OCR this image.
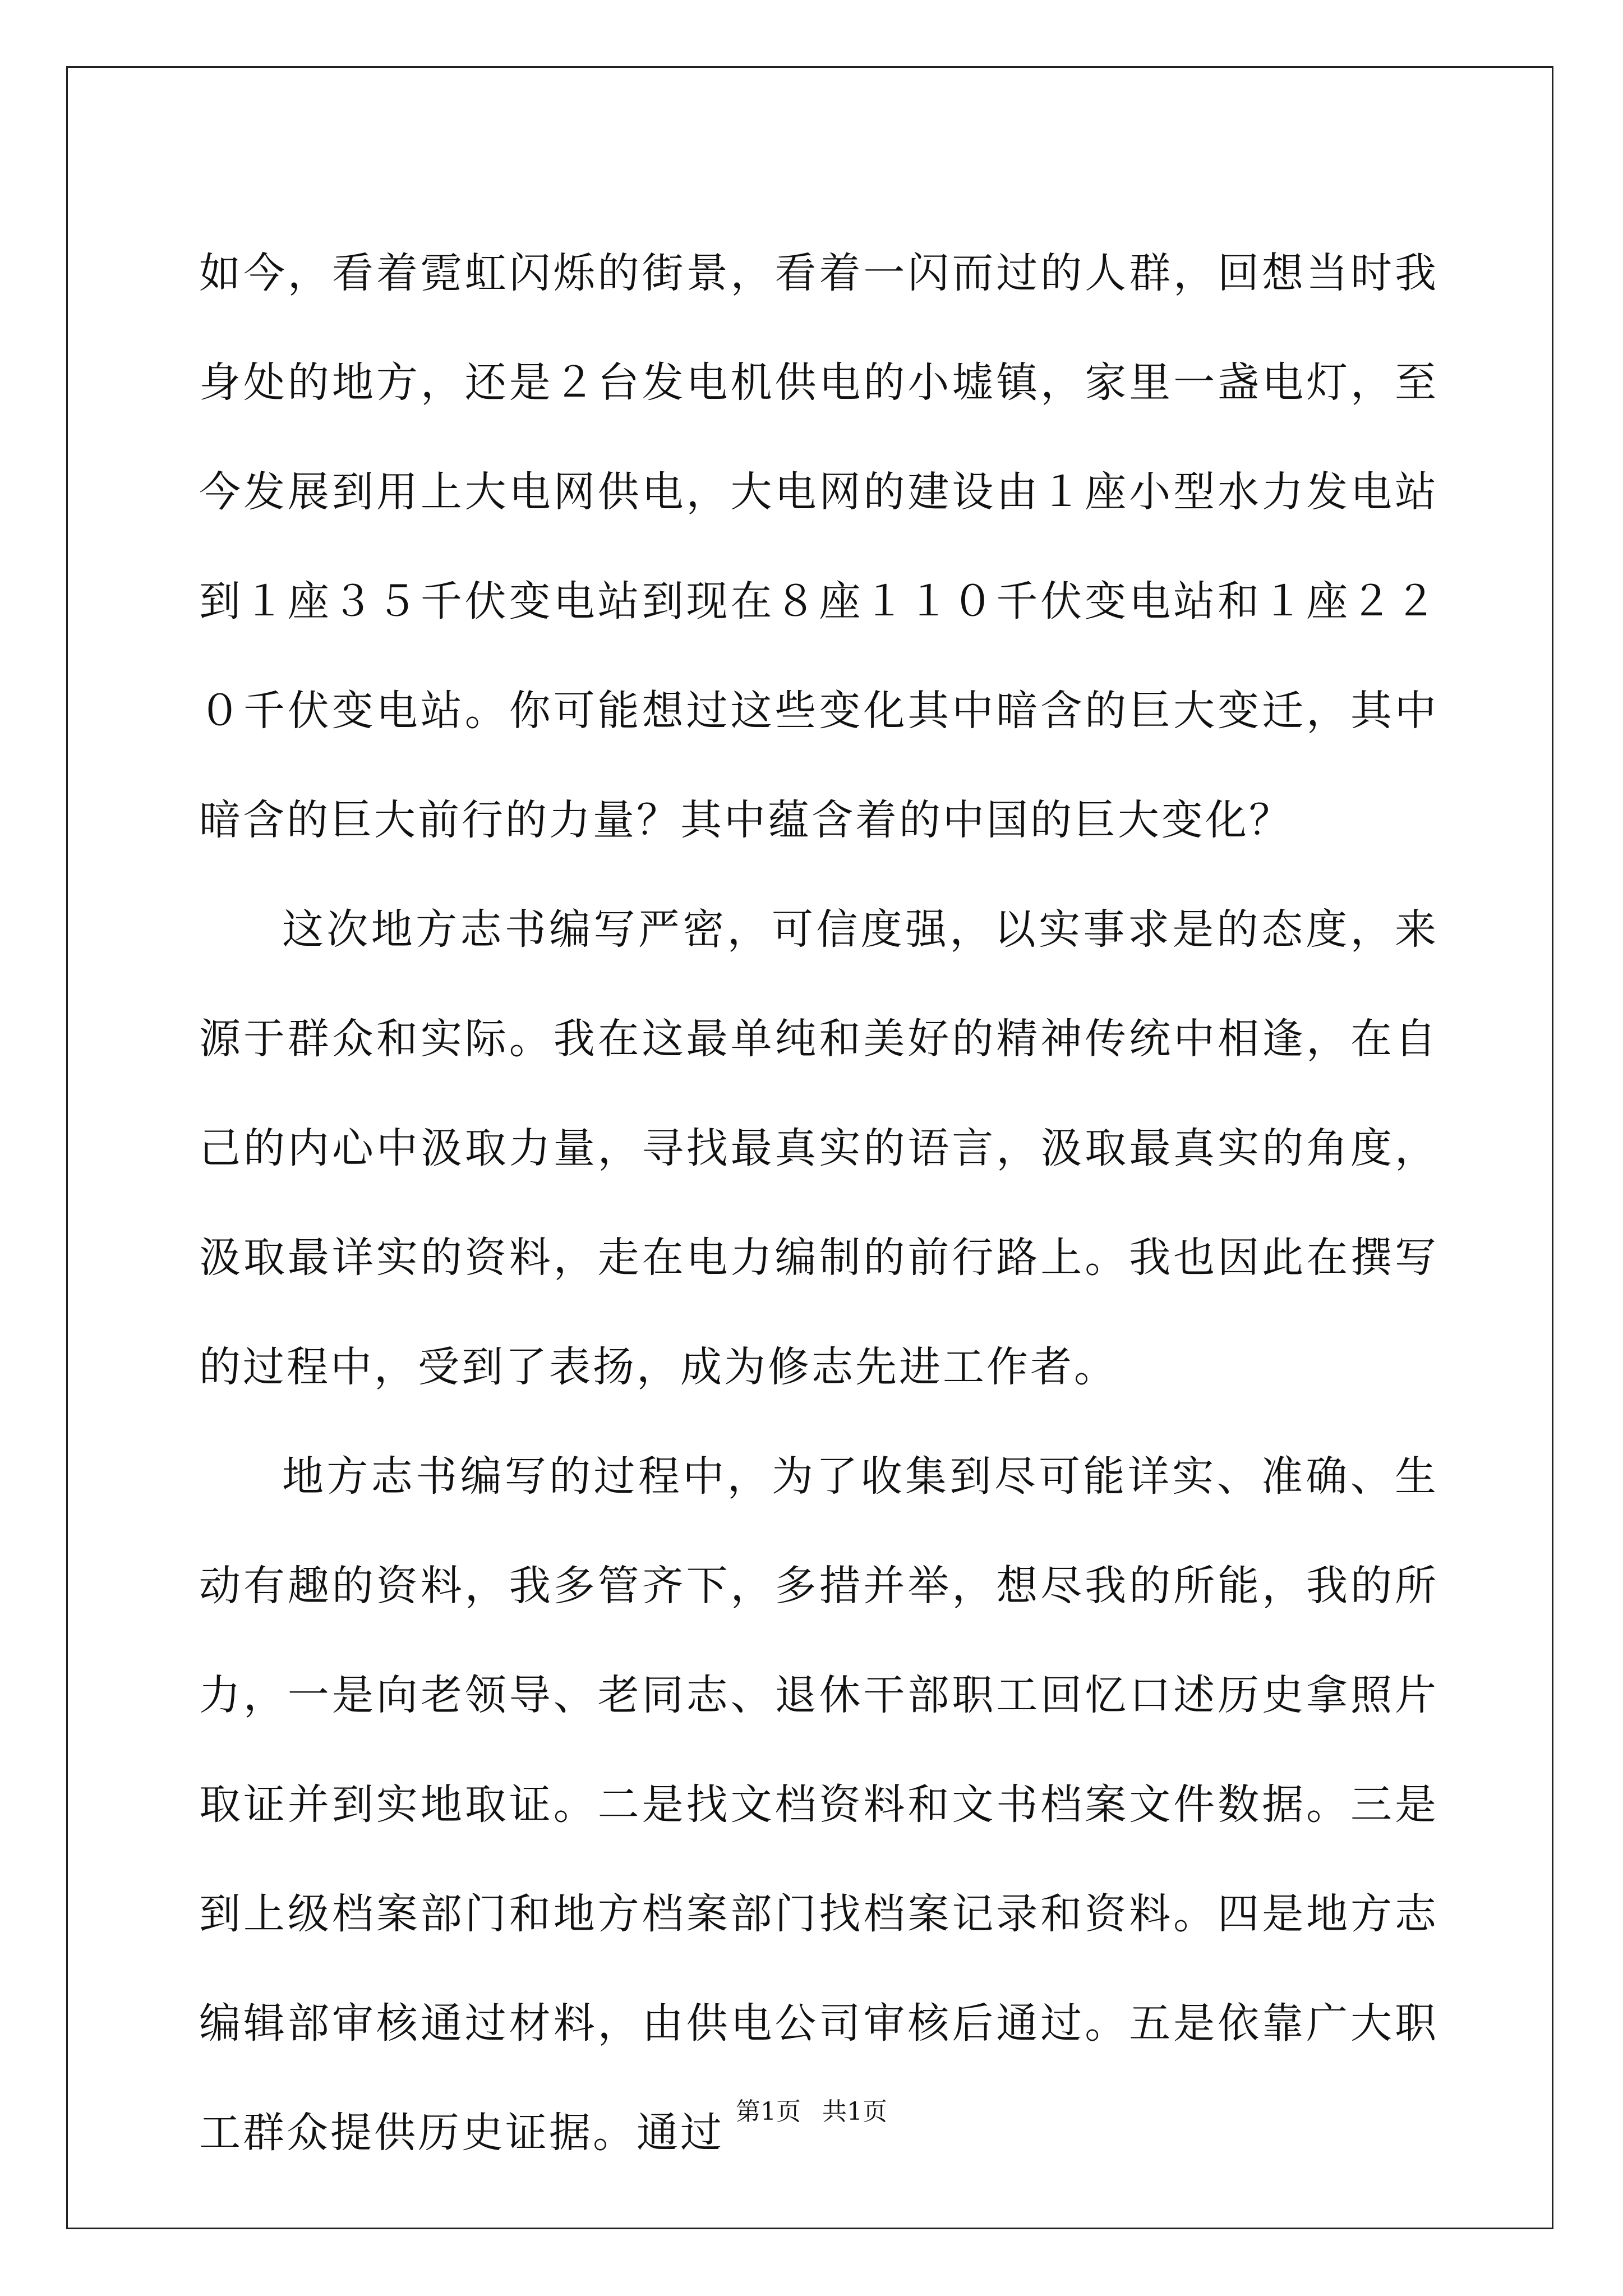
如今，看着霓虹闪烁的街景，看着一闪而过的人群，回想当时我身处的地方，还是２台发电机供电的小墟镇，家里一盏电灯，至今发展到用上大电网供电，大电网的建设由１座小型水力发电站到１座３５千伏变电站到现在８座１１０千伏变电站和１座２２０千伏变电站。你可能想过这些变化其中暗含的巨大变迁，其中暗含的巨大前行的力量？其中蕴含着的中国的巨大变化？

这次地方志书编写严密，可信度强，以实事求是的态度，来源于群众和实际。我在这最单纯和美好的精神传统中相逢，在自己的内心中汲取力量，寻找最真实的语言，汲取最真实的角度，汲取最详实的资料，走在电力编制的前行路上。我也因此在撰写的过程中，受到了表扬，成为修志先进工作者。

地方志书编写的过程中，为了收集到尽可能详实、准确、生动有趣的资料，我多管齐下，多措并举，想尽我的所能，我的所力，一是向老领导、老同志、退休干部职工回忆口述历史拿照片取证并到实地取证。二是找文档资料和文书档案文件数据。三是到上级档案部门和地方档案部门找档案记录和资料。四是地方志编辑部审核通过材料，由供电公司审核后通过。五是依靠广大职工群众提供历史证据。通过 第1页 共1页
